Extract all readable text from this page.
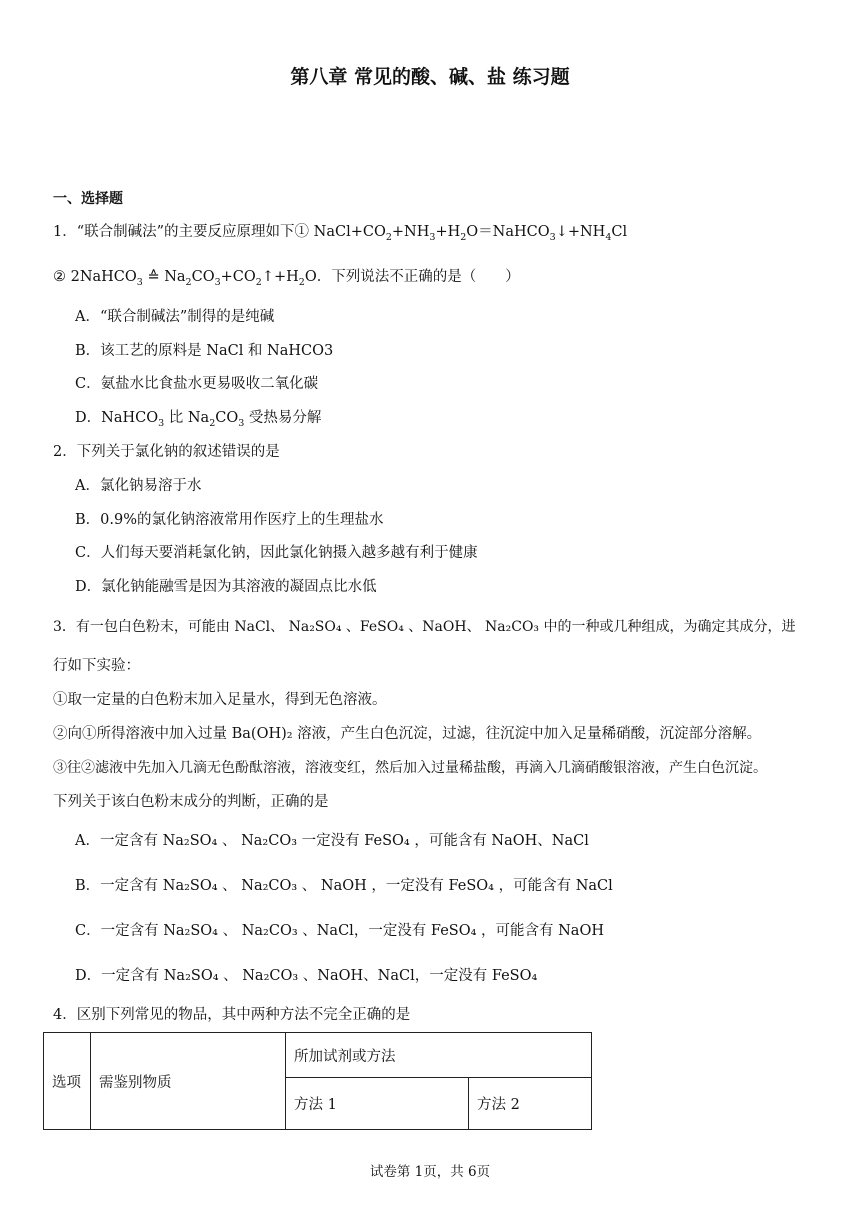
第八章 常见的酸、碱、盐 练习题
一、选择题
1．“联合制碱法”的主要反应原理如下① $NaCl+CO_2+NH_3+H_2O=NaHCO_3↓+NH_4Cl$
② 2NaHCO$_3$ ≙ $Na_2CO_3+CO_2↑+H_2O$．下列说法不正确的是（　　）
A．“联合制碱法”制得的是纯碱
B．该工艺的原料是 NaCl 和 NaHCO3
C．氨盐水比食盐水更易吸收二氧化碳
D．NaHCO$_3$ 比 $Na_2CO_3$ 受热易分解
2．下列关于氯化钠的叙述错误的是
A．氯化钠易溶于水
B．0.9%的氯化钠溶液常用作医疗上的生理盐水
C．人们每天要消耗氯化钠，因此氯化钠摄入越多越有利于健康
D．氯化钠能融雪是因为其溶液的凝固点比水低
3．有一包白色粉末，可能由 NaCl、 Na₂SO₄ 、FeSO₄ 、NaOH、 Na₂CO₃ 中的一种或几种组成，为确定其成分，进
行如下实验：
①取一定量的白色粉末加入足量水，得到无色溶液。
②向①所得溶液中加入过量 Ba(OH)₂ 溶液，产生白色沉淀，过滤，往沉淀中加入足量稀硝酸，沉淀部分溶解。
③往②滤液中先加入几滴无色酚酞溶液，溶液变红，然后加入过量稀盐酸，再滴入几滴硝酸银溶液，产生白色沉淀。
下列关于该白色粉末成分的判断，正确的是
A．一定含有 Na₂SO₄ 、 Na₂CO₃ 一定没有 FeSO₄ ，可能含有 NaOH、NaCl
B．一定含有 Na₂SO₄ 、 Na₂CO₃ 、 NaOH ，一定没有 FeSO₄ ，可能含有 NaCl
C．一定含有 Na₂SO₄ 、 Na₂CO₃ 、NaCl，一定没有 FeSO₄ ，可能含有 NaOH
D．一定含有 Na₂SO₄ 、 Na₂CO₃ 、NaOH、NaCl，一定没有 FeSO₄
4．区别下列常见的物品，其中两种方法不完全正确的是
选项	需鉴别物质	所加试剂或方法	
		方法 1	方法 2
试卷第 1页，共 6页
